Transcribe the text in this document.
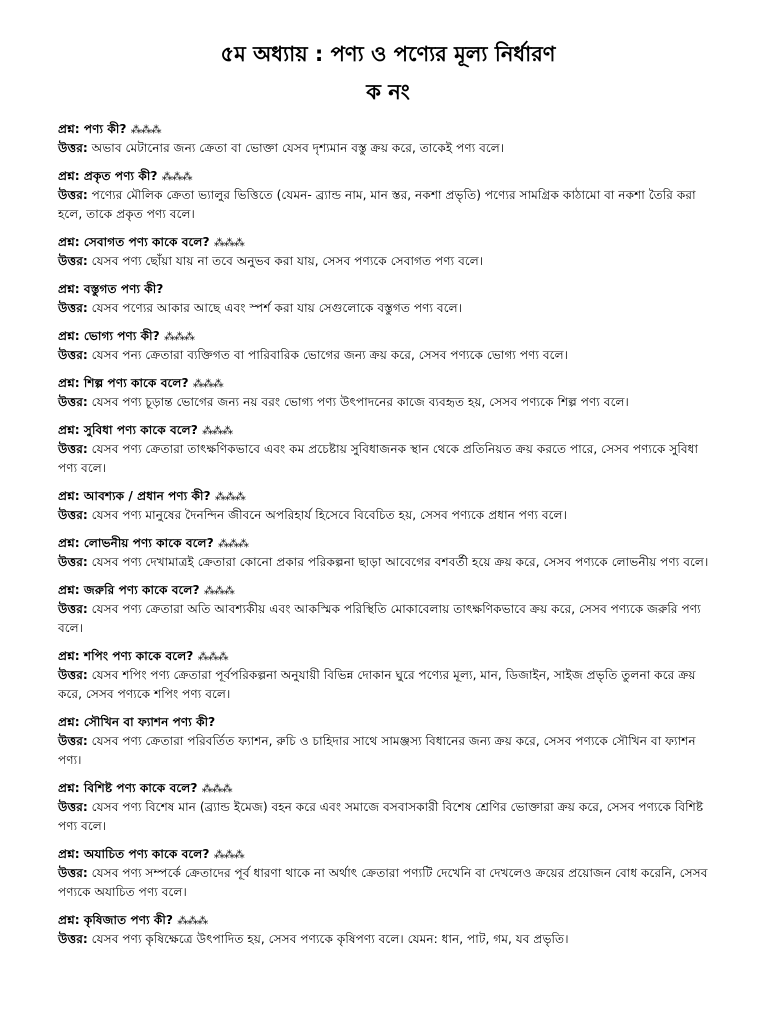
৫ম অধ্যায় : পণ্য ও পণ্যের মূল্য নির্ধারণ
ক নং

প্রশ্ন: পণ্য কী? ⁂⁂⁂

উত্তর: অভাব মেটানোর জন্য ক্রেতা বা ভোক্তা যেসব দৃশ্যমান বস্তু ক্রয় করে, তাকেই পণ্য বলে।

প্রশ্ন: প্রকৃত পণ্য কী? ⁂⁂⁂

উত্তর: পণ্যের মৌলিক ক্রেতা ভ্যালুর ভিত্তিতে (যেমন- ব্র্যান্ড নাম, মান স্তর, নকশা প্রভৃতি) পণ্যের সামগ্রিক কাঠামো বা নকশা তৈরি করা হলে, তাকে প্রকৃত পণ্য বলে।

প্রশ্ন: সেবাগত পণ্য কাকে বলে? ⁂⁂⁂

উত্তর: যেসব পণ্য ছোঁয়া যায় না তবে অনুভব করা যায়, সেসব পণ্যকে সেবাগত পণ্য বলে।

প্রশ্ন: বস্তুগত পণ্য কী?

উত্তর: যেসব পণ্যের আকার আছে এবং স্পর্শ করা যায় সেগুলোকে বস্তুগত পণ্য বলে।

প্রশ্ন: ভোগ্য পণ্য কী? ⁂⁂⁂

উত্তর: যেসব পন্য ক্রেতারা ব্যক্তিগত বা পারিবারিক ভোগের জন্য ক্রয় করে, সেসব পণ্যকে ভোগ্য পণ্য বলে।

প্রশ্ন: শিল্প পণ্য কাকে বলে? ⁂⁂⁂

উত্তর: যেসব পণ্য চূড়ান্ত ভোগের জন্য নয় বরং ভোগ্য পণ্য উৎপাদনের কাজে ব্যবহৃত হয়, সেসব পণ্যকে শিল্প পণ্য বলে।

প্রশ্ন: সুবিধা পণ্য কাকে বলে? ⁂⁂⁂

উত্তর: যেসব পণ্য ক্রেতারা তাৎক্ষণিকভাবে এবং কম প্রচেষ্টায় সুবিধাজনক স্থান থেকে প্রতিনিয়ত ক্রয় করতে পারে, সেসব পণ্যকে সুবিধা পণ্য বলে।

প্রশ্ন: আবশ্যক / প্রধান পণ্য কী? ⁂⁂⁂

উত্তর: যেসব পণ্য মানুষের দৈনন্দিন জীবনে অপরিহার্য হিসেবে বিবেচিত হয়, সেসব পণ্যকে প্রধান পণ্য বলে।

প্রশ্ন: লোভনীয় পণ্য কাকে বলে? ⁂⁂⁂

উত্তর: যেসব পণ্য দেখামাত্রই ক্রেতারা কোনো প্রকার পরিকল্পনা ছাড়া আবেগের বশবর্তী হয়ে ক্রয় করে, সেসব পণ্যকে লোভনীয় পণ্য বলে।

প্রশ্ন: জরুরি পণ্য কাকে বলে? ⁂⁂⁂

উত্তর: যেসব পণ্য ক্রেতারা অতি আবশ্যকীয় এবং আকস্মিক পরিস্থিতি মোকাবেলায় তাৎক্ষণিকভাবে ক্রয় করে, সেসব পণ্যকে জরুরি পণ্য বলে।

প্রশ্ন: শপিং পণ্য কাকে বলে? ⁂⁂⁂

উত্তর: যেসব শপিং পণ্য ক্রেতারা পূর্বপরিকল্পনা অনুযায়ী বিভিন্ন দোকান ঘুরে পণ্যের মূল্য, মান, ডিজাইন, সাইজ প্রভৃতি তুলনা করে ক্রয় করে, সেসব পণ্যকে শপিং পণ্য বলে।

প্রশ্ন: সৌখিন বা ফ্যাশন পণ্য কী?

উত্তর: যেসব পণ্য ক্রেতারা পরিবর্তিত ফ্যাশন, রুচি ও চাহিদার সাথে সামঞ্জস্য বিধানের জন্য ক্রয় করে, সেসব পণ্যকে সৌখিন বা ফ্যাশন পণ্য।

প্রশ্ন: বিশিষ্ট পণ্য কাকে বলে? ⁂⁂⁂

উত্তর: যেসব পণ্য বিশেষ মান (ব্র্যান্ড ইমেজ) বহন করে এবং সমাজে বসবাসকারী বিশেষ শ্রেণির ভোক্তারা ক্রয় করে, সেসব পণ্যকে বিশিষ্ট পণ্য বলে।

প্রশ্ন: অযাচিত পণ্য কাকে বলে? ⁂⁂⁂

উত্তর: যেসব পণ্য সম্পর্কে ক্রেতাদের পূর্ব ধারণা থাকে না অর্থাৎ ক্রেতারা পণ্যটি দেখেনি বা দেখলেও ক্রয়ের প্রয়োজন বোধ করেনি, সেসব পণ্যকে অযাচিত পণ্য বলে।

প্রশ্ন: কৃষিজাত পণ্য কী? ⁂⁂⁂

উত্তর: যেসব পণ্য কৃষিক্ষেত্রে উৎপাদিত হয়, সেসব পণ্যকে কৃষিপণ্য বলে। যেমন: ধান, পাট, গম, যব প্রভৃতি।
